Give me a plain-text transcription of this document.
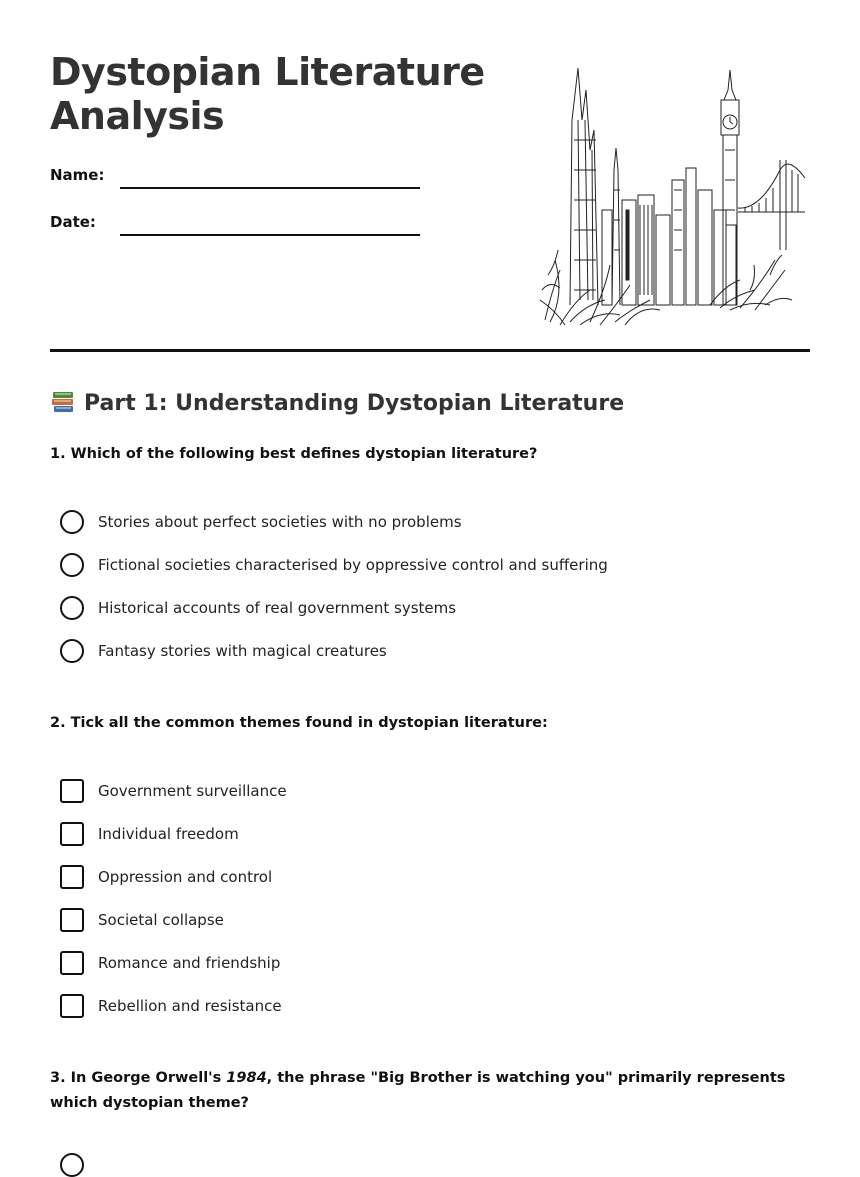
Dystopian Literature
Analysis
Name:
Date:
Part 1: Understanding Dystopian Literature

1. Which of the following best defines dystopian literature?

Stories about perfect societies with no problems
Fictional societies characterised by oppressive control and suffering
Historical accounts of real government systems
Fantasy stories with magical creatures

2. Tick all the common themes found in dystopian literature:

Government surveillance
Individual freedom
Oppression and control
Societal collapse
Romance and friendship
Rebellion and resistance

3. In George Orwell's 1984, the phrase "Big Brother is watching you" primarily represents which dystopian theme?
